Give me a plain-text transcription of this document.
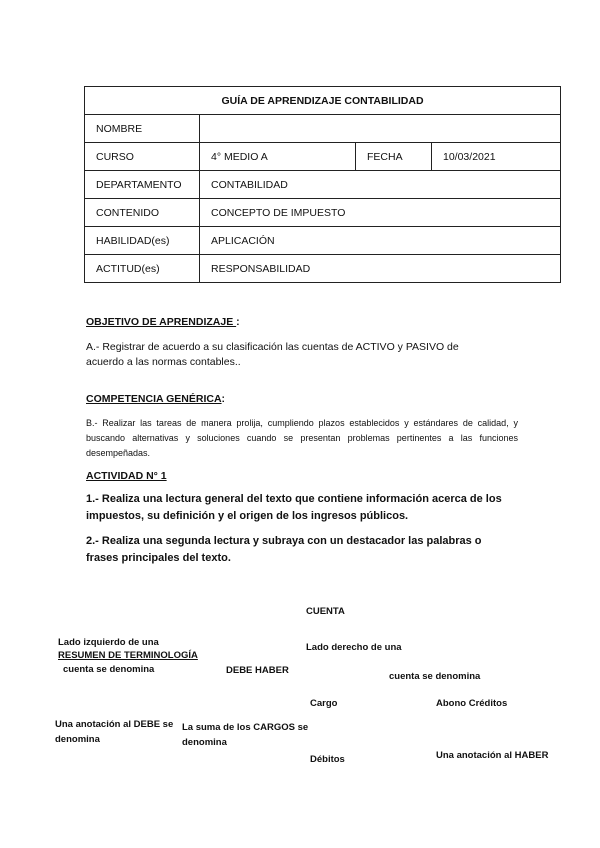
GUÍA DE APRENDIZAJE CONTABILIDAD			
NOMBRE			
CURSO	4° MEDIO A	FECHA	10/03/2021
DEPARTAMENTO	CONTABILIDAD		
CONTENIDO	CONCEPTO DE IMPUESTO		
HABILIDAD(es)	APLICACIÓN		
ACTITUD(es)	RESPONSABILIDAD		
OBJETIVO DE APRENDIZAJE :
A.- Registrar de acuerdo a su clasificación las cuentas de ACTIVO y PASIVO de
acuerdo a las normas contables..
COMPETENCIA GENÉRICA:
B.- Realizar las tareas de manera prolija, cumpliendo plazos establecidos y estándares de calidad, y buscando alternativas y soluciones cuando se presentan problemas pertinentes a las funciones desempeñadas.
ACTIVIDAD N° 1
1.- Realiza una lectura general del texto que contiene información acerca de los impuestos, su definición y el origen de los ingresos públicos.
2.- Realiza una segunda lectura y subraya con un destacador las palabras o frases principales del texto.
CUENTA
Lado izquierdo de una
RESUMEN DE TERMINOLOGÍA
cuenta se denomina	DEBE HABER
Lado derecho de una
cuenta se denomina
Cargo	Abono Créditos
Una anotación al DEBE se
denomina
La suma de los CARGOS se
denomina
Débitos	Una anotación al HABER
